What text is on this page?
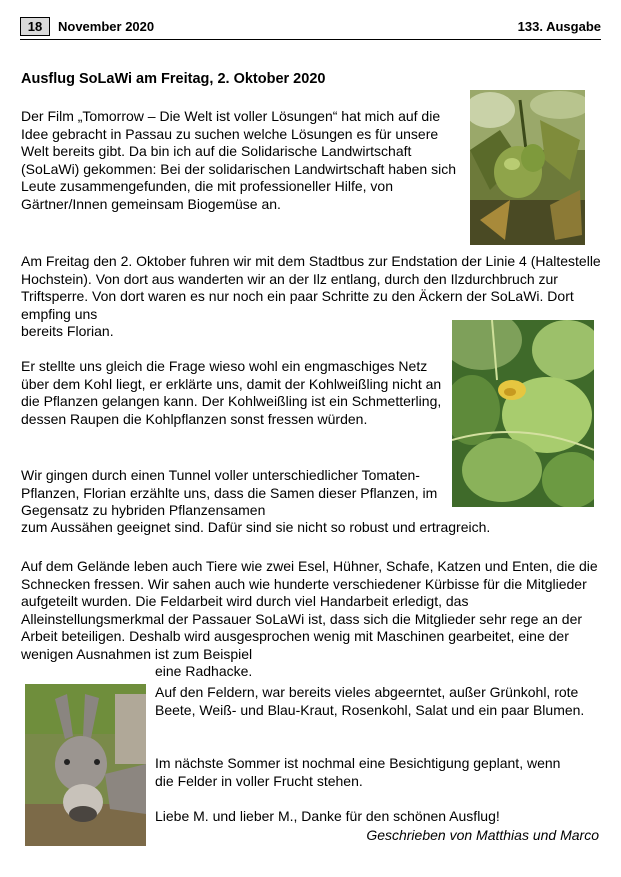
18	November 2020	133. Ausgabe
Ausflug SoLaWi am Freitag, 2. Oktober 2020

Der Film „Tomorrow – Die Welt ist voller Lösungen“ hat mich auf die Idee gebracht in Passau zu suchen welche Lösungen es für unsere Welt bereits gibt. Da bin ich auf die Solidarische Landwirtschaft (SoLaWi) gekommen: Bei der solidarischen Landwirtschaft haben sich Leute zusammengefunden, die mit professioneller Hilfe, von Gärtner/Innen gemeinsam Biogemüse an.

Am Freitag den 2. Oktober fuhren wir mit dem Stadtbus zur Endstation der Linie 4 (Haltestelle Hochstein). Von dort aus wanderten wir an der Ilz entlang, durch den Ilzdurchbruch zur Triftsperre. Von dort waren es nur noch ein paar Schritte zu den Äckern der SoLaWi. Dort empfing uns

bereits Florian.

Er stellte uns gleich die Frage wieso wohl ein engmaschiges Netz über dem Kohl liegt, er erklärte uns, damit der Kohlweißling nicht an die Pflanzen gelangen kann. Der Kohlweißling ist ein Schmetterling, dessen Raupen die Kohlpflanzen sonst fressen würden.

Wir gingen durch einen Tunnel voller unterschiedlicher Tomaten-Pflanzen, Florian erzählte uns, dass die Samen dieser Pflanzen, im Gegensatz zu hybriden Pflanzensamen

zum Aussähen geeignet sind. Dafür sind sie nicht so robust und ertragreich.

Auf dem Gelände leben auch Tiere wie zwei Esel, Hühner, Schafe, Katzen und Enten, die die Schnecken fressen. Wir sahen auch wie hunderte verschiedener Kürbisse für die Mitglieder aufgeteilt wurden. Die Feldarbeit wird durch viel Handarbeit erledigt, das Alleinstellungsmerkmal der Passauer SoLaWi ist, dass sich die Mitglieder sehr rege an der Arbeit beteiligen. Deshalb wird ausgesprochen wenig mit Maschinen gearbeitet, eine der wenigen Ausnahmen ist zum Beispiel

eine Radhacke.

Auf den Feldern, war bereits vieles abgeerntet, außer Grünkohl, rote Beete, Weiß- und Blau-Kraut, Rosenkohl, Salat und ein paar Blumen.

Im nächste Sommer ist nochmal eine Besichtigung geplant, wenn die Felder in voller Frucht stehen.

Liebe M. und lieber M., Danke für den schönen Ausflug!

Geschrieben von Matthias und Marco
